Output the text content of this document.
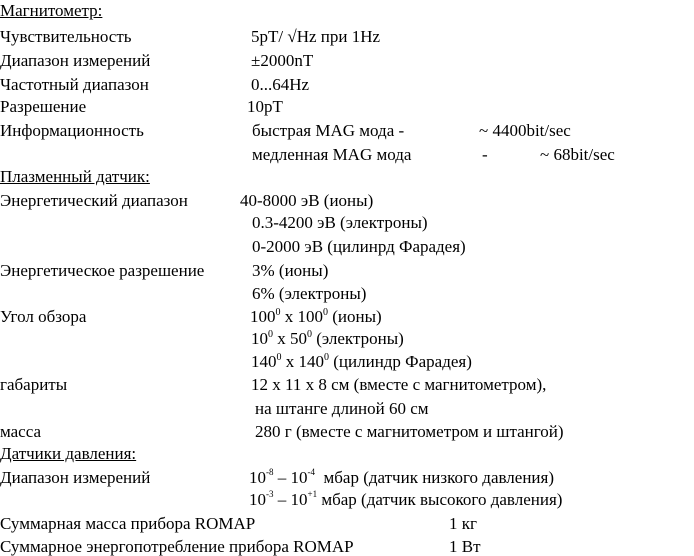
Магнитометр:
Чувствительность	5pT/ √Hz при 1Hz
Диапазон измерений	±2000nT
Частотный диапазон	0...64Hz
Разрешение	10pT
Информационность	быстрая MAG мода -	~ 4400bit/sec
медленная MAG мода	-	~ 68bit/sec
Плазменный датчик:
Энергетический диапазон	40-8000 эВ (ионы)
0.3-4200 эВ (электроны)
0-2000 эВ (цилинрд Фарадея)
Энергетическое разрешение	3% (ионы)
6% (электроны)
Угол обзора	$100^0$ x $100^0$ (ионы)
$10^0$ x $50^0$ (электроны)
$140^0$ x $140^0$ (цилиндр Фарадея)
габариты	12 x 11 x 8 см (вместе с магнитометром),
на штанге длиной 60 см
масса	280 г (вместе с магнитометром и штангой)
Датчики давления:
Диапазон измерений	$10^{-8} - 10^{-4}$ мбар (датчик низкого давления)
$10^{-3} - 10^{+1}$ мбар (датчик высокого давления)
Суммарная масса прибора ROMAP	1 кг
Суммарное энергопотребление прибора ROMAP	1 Вт
